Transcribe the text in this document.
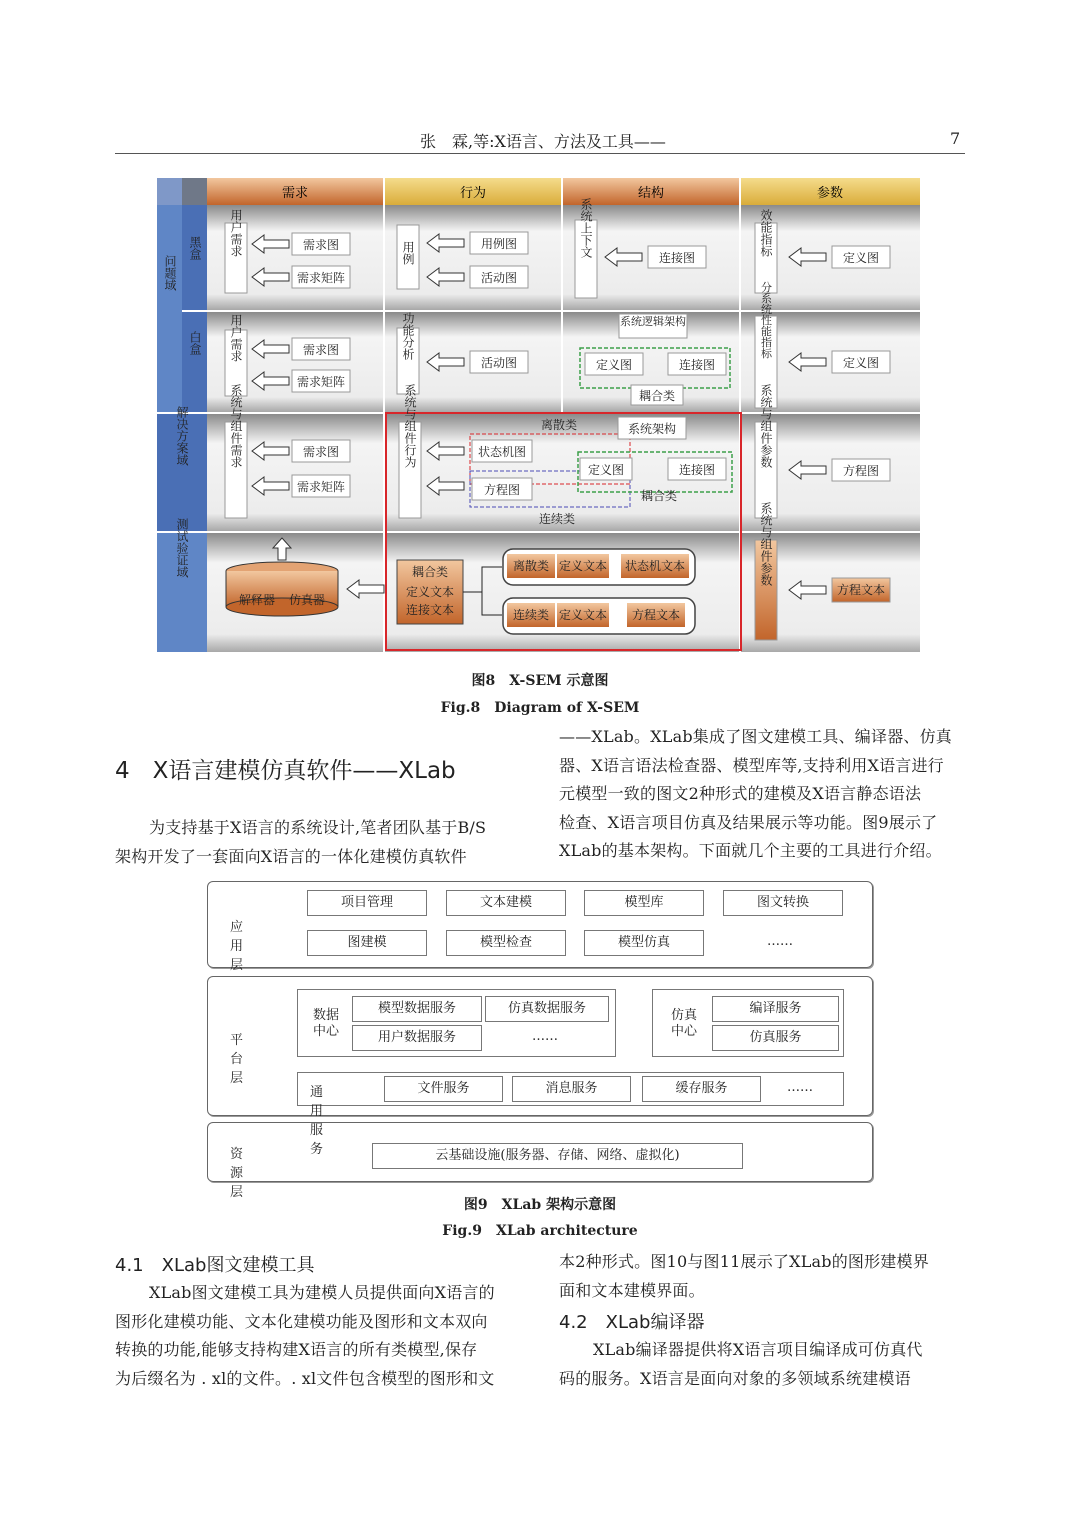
张　霖,等:X语言、方法及工具——	7
需求	行为	结构	参数
问题域
黑盒
白盒
解决方案域
测试验证域
用户需求	需求图
需求矩阵
用例	用例图
活动图
系统上下文	连接图
效能指标
定义图
用户需求	需求图
需求矩阵
功能分析
活动图
系统逻辑架构
定义图	连接图
耦合类
分系统性能指标
定义图
系统与组件需求	需求图
需求矩阵
系统与组件行为	离散类
状态机图
方程图
连续类
系统架构
定义图	连接图
耦合类
系统与组件参数
方程图
解释器 仿真器
耦合类
定义文本
连接文本
离散类 定义文本 状态机文本
连续类 定义文本 方程文本
系统与组件参数
方程文本
图8　X-SEM 示意图
Fig.8　Diagram of X-SEM
4　X语言建模仿真软件——XLab
为支持基于X语言的系统设计,笔者团队基于B/S
架构开发了一套面向X语言的一体化建模仿真软件
——XLab。XLab集成了图文建模工具、编译器、仿真
器、X语言语法检查器、模型库等,支持利用X语言进行
元模型一致的图文2种形式的建模及X语言静态语法
检查、X语言项目仿真及结果展示等功能。图9展示了
XLab的基本架构。下面就几个主要的工具进行介绍。
应用层
项目管理	文本建模	模型库	图文转换
图建模	模型检查	模型仿真	……
平台层
数据中心
模型数据服务	仿真数据服务
用户数据服务	……
仿真中心
编译服务
仿真服务
通用服务
文件服务	消息服务	缓存服务	……
资源层
云基础设施(服务器、存储、网络、虚拟化)
图9　XLab 架构示意图
Fig.9　XLab architecture
4.1　XLab图文建模工具
XLab图文建模工具为建模人员提供面向X语言的
图形化建模功能、文本化建模功能及图形和文本双向
转换的功能,能够支持构建X语言的所有类模型,保存
为后缀名为 . xl的文件。. xl文件包含模型的图形和文
本2种形式。图10与图11展示了XLab的图形建模界
面和文本建模界面。
4.2　XLab编译器
XLab编译器提供将X语言项目编译成可仿真代
码的服务。X语言是面向对象的多领域系统建模语
